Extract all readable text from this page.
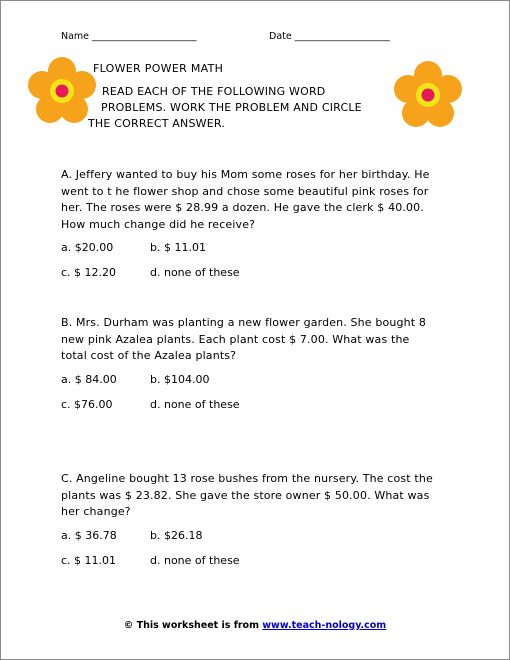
Name ______________________	Date ____________________
FLOWER POWER MATH
READ EACH OF THE FOLLOWING WORD
PROBLEMS. WORK THE PROBLEM AND CIRCLE
THE CORRECT ANSWER.
A. Jeffery wanted to buy his Mom some roses for her birthday. He
went to t he flower shop and chose some beautiful pink roses for
her. The roses were $ 28.99 a dozen. He gave the clerk $ 40.00.
How much change did he receive?
a. $20.00	b. $ 11.01
c. $ 12.20	d. none of these
B. Mrs. Durham was planting a new flower garden. She bought 8
new pink Azalea plants. Each plant cost $ 7.00. What was the
total cost of the Azalea plants?
a. $ 84.00	b. $104.00
c. $76.00	d. none of these
C. Angeline bought 13 rose bushes from the nursery. The cost the
plants was $ 23.82. She gave the store owner $ 50.00. What was
her change?
a. $ 36.78	b. $26.18
c. $ 11.01	d. none of these
© This worksheet is from www.teach-nology.com
